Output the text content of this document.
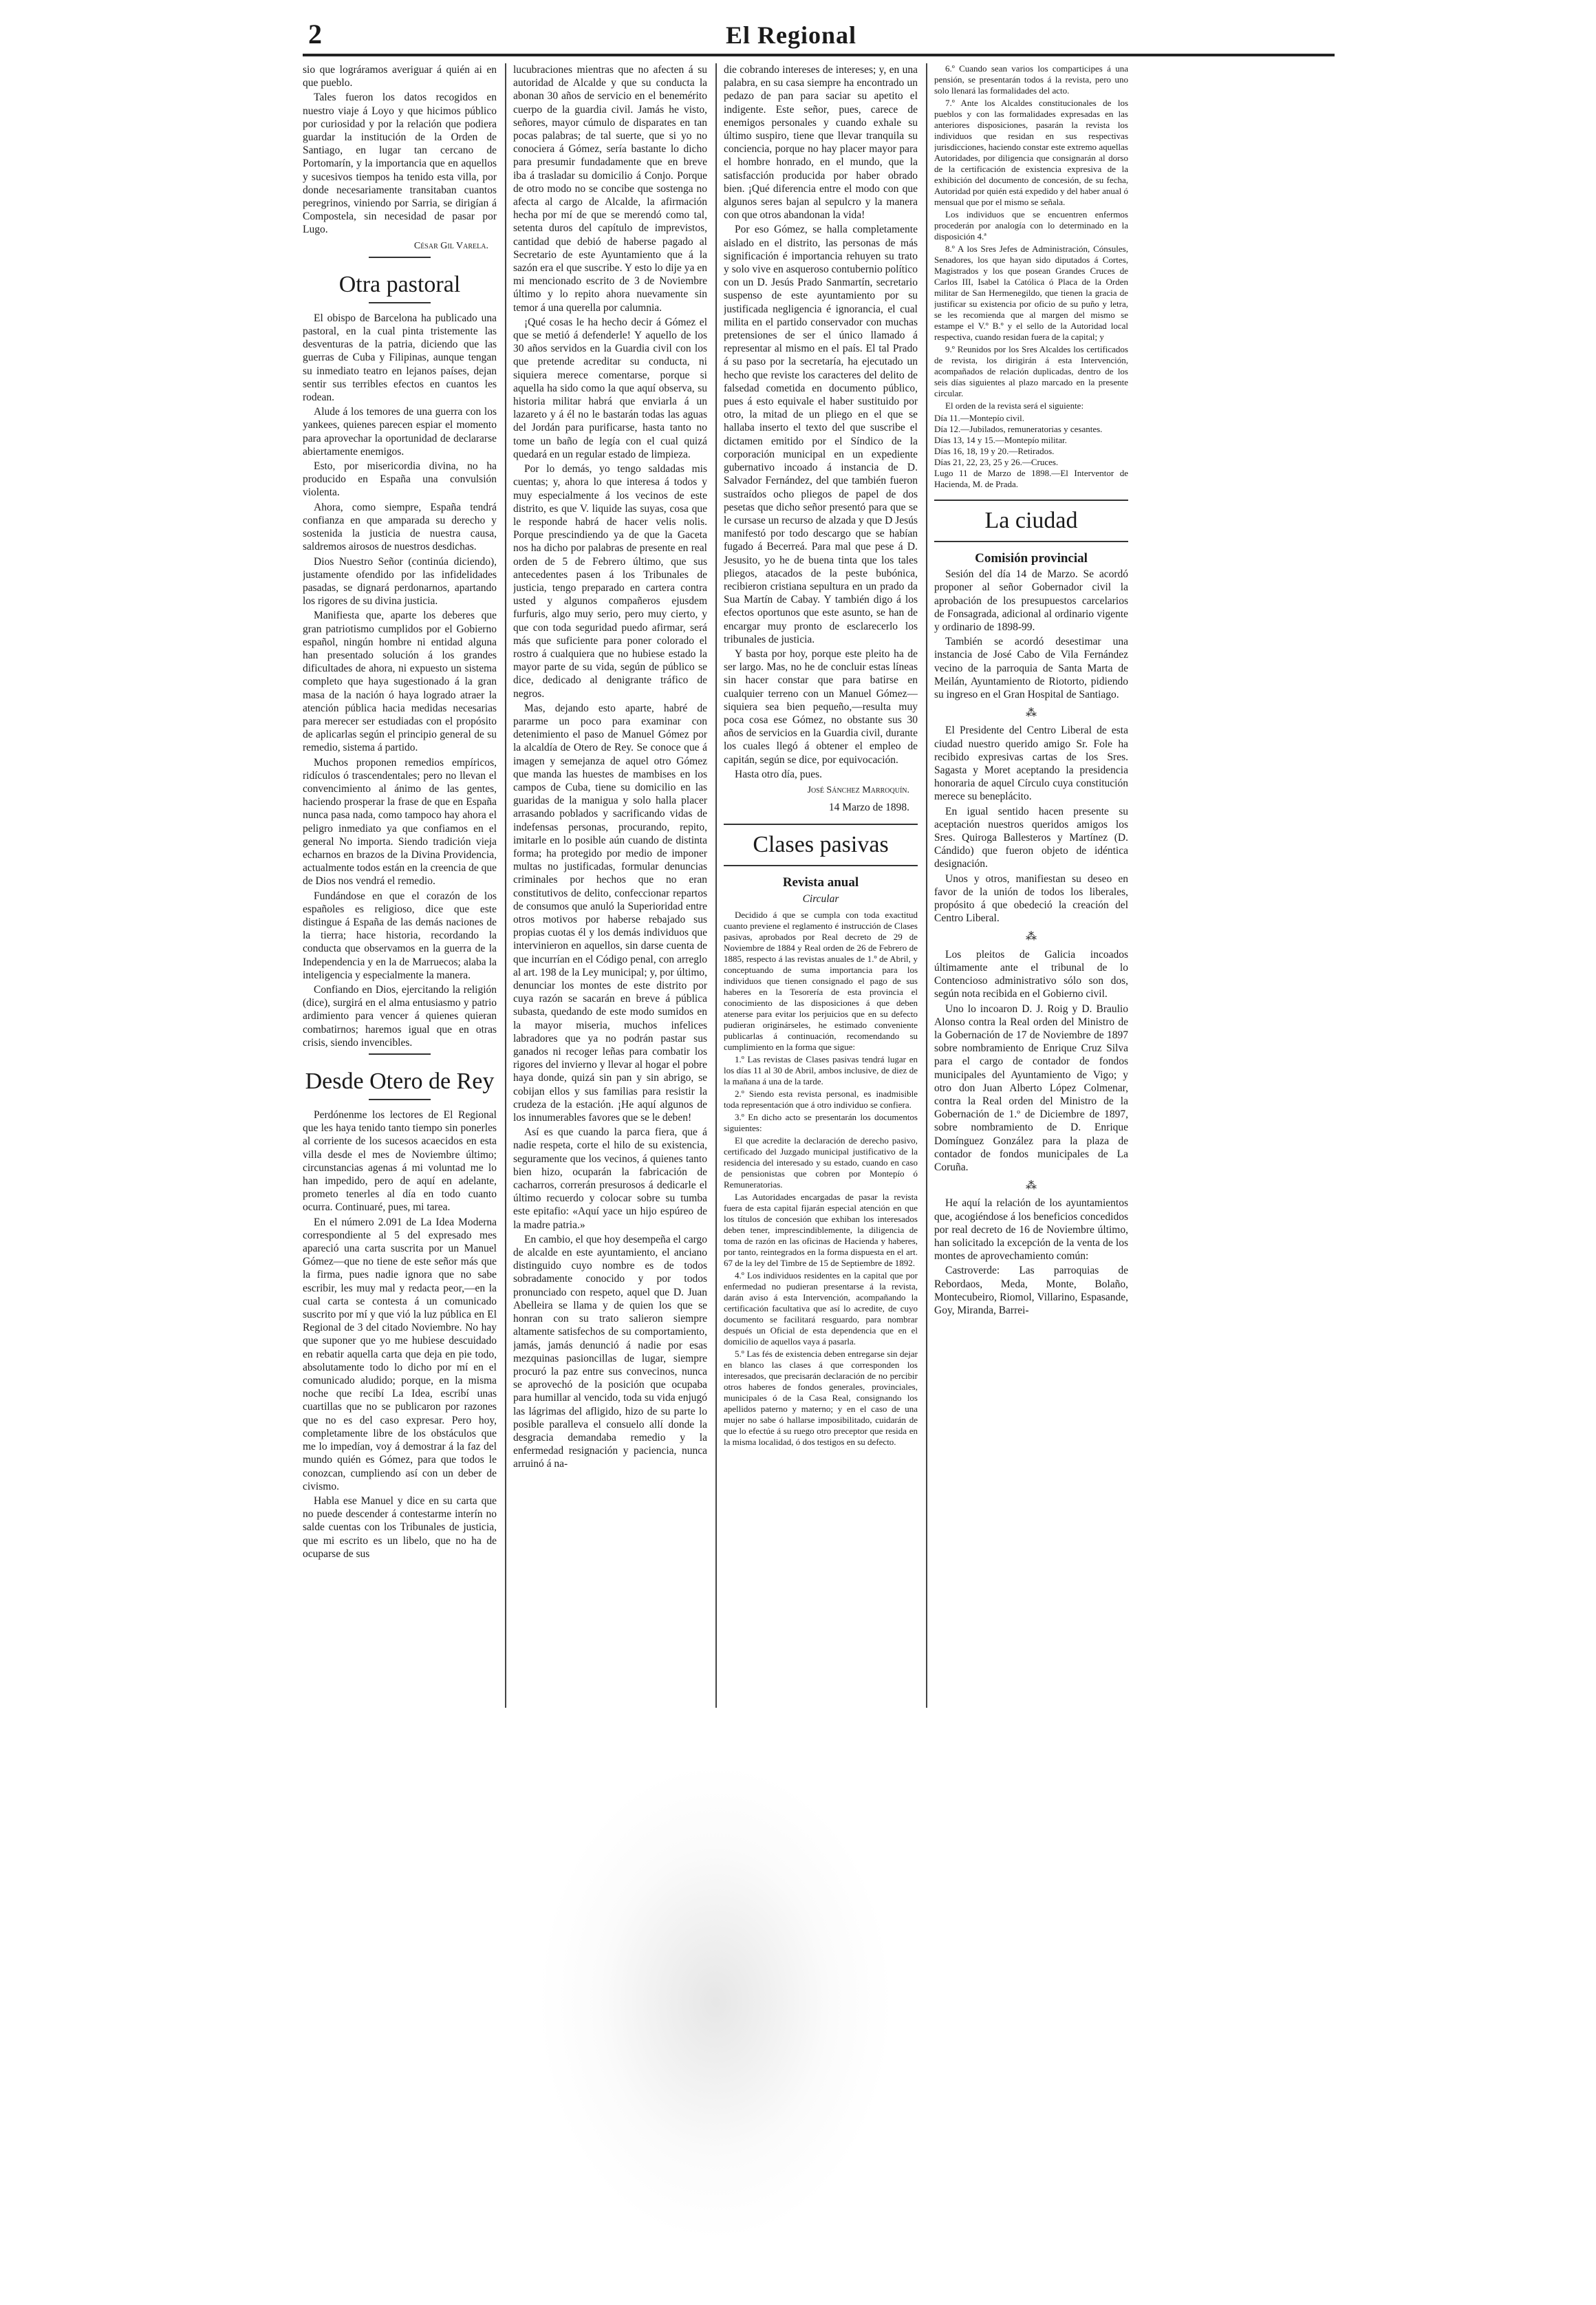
2	El Regional

sio que lográramos averiguar á quién ai en que pueblo.

Tales fueron los datos recogidos en nuestro viaje á Loyo y que hicimos público por curiosidad y por la relación que podiera guardar la institución de la Orden de Santiago, en lugar tan cercano de Portomarín, y la importancia que en aquellos y sucesivos tiempos ha tenido esta villa, por donde necesariamente transitaban cuantos peregrinos, viniendo por Sarria, se dirigían á Compostela, sin necesidad de pasar por Lugo.

César Gil Varela.
Otra pastoral

El obispo de Barcelona ha publicado una pastoral, en la cual pinta tristemente las desventuras de la patria, diciendo que las guerras de Cuba y Filipinas, aunque tengan su inmediato teatro en lejanos países, dejan sentir sus terribles efectos en cuantos les rodean.

Alude á los temores de una guerra con los yankees, quienes parecen espiar el momento para aprovechar la oportunidad de declararse abiertamente enemigos.

Esto, por misericordia divina, no ha producido en España una convulsión violenta.

Ahora, como siempre, España tendrá confianza en que amparada su derecho y sostenida la justicia de nuestra causa, saldremos airosos de nuestros desdichas.

Dios Nuestro Señor (continúa diciendo), justamente ofendido por las infidelidades pasadas, se dignará perdonarnos, apartando los rigores de su divina justicia.

Manifiesta que, aparte los deberes que gran patriotismo cumplidos por el Gobierno español, ningún hombre ni entidad alguna han presentado solución á los grandes dificultades de ahora, ni expuesto un sistema completo que haya sugestionado á la gran masa de la nación ó haya logrado atraer la atención pública hacia medidas necesarias para merecer ser estudiadas con el propósito de aplicarlas según el principio general de su remedio, sistema á partido.

Muchos proponen remedios empíricos, ridículos ó trascendentales; pero no llevan el convencimiento al ánimo de las gentes, haciendo prosperar la frase de que en España nunca pasa nada, como tampoco hay ahora el peligro inmediato ya que confiamos en el general No importa. Siendo tradición vieja echarnos en brazos de la Divina Providencia, actualmente todos están en la creencia de que de Dios nos vendrá el remedio.

Fundándose en que el corazón de los españoles es religioso, dice que este distingue á España de las demás naciones de la tierra; hace historia, recordando la conducta que observamos en la guerra de la Independencia y en la de Marruecos; alaba la inteligencia y especialmente la manera.

Confiando en Dios, ejercitando la religión (dice), surgirá en el alma entusiasmo y patrio ardimiento para vencer á quienes quieran combatirnos; haremos igual que en otras crisis, siendo invencibles.

Desde Otero de Rey

Perdónenme los lectores de El Regional que les haya tenido tanto tiempo sin ponerles al corriente de los sucesos acaecidos en esta villa desde el mes de Noviembre último; circunstancias agenas á mi voluntad me lo han impedido, pero de aquí en adelante, prometo tenerles al día en todo cuanto ocurra. Continuaré, pues, mi tarea.

En el número 2.091 de La Idea Moderna correspondiente al 5 del expresado mes apareció una carta suscrita por un Manuel Gómez—que no tiene de este señor más que la firma, pues nadie ignora que no sabe escribir, les muy mal y redacta peor,—en la cual carta se contesta á un comunicado suscrito por mí y que vió la luz pública en El Regional de 3 del citado Noviembre. No hay que suponer que yo me hubiese descuidado en rebatir aquella carta que deja en pie todo, absolutamente todo lo dicho por mí en el comunicado aludido; porque, en la misma noche que recibí La Idea, escribí unas cuartillas que no se publicaron por razones que no es del caso expresar. Pero hoy, completamente libre de los obstáculos que me lo impedían, voy á demostrar á la faz del mundo quién es Gómez, para que todos le conozcan, cumpliendo así con un deber de civismo.

Habla ese Manuel y dice en su carta que no puede descender á contestarme interín no salde cuentas con los Tribunales de justicia, que mi escrito es un libelo, que no ha de ocuparse de sus

lucubraciones mientras que no afecten á su autoridad de Alcalde y que su conducta la abonan 30 años de servicio en el benemérito cuerpo de la guardia civil. Jamás he visto, señores, mayor cúmulo de disparates en tan pocas palabras; de tal suerte, que si yo no conociera á Gómez, sería bastante lo dicho para presumir fundadamente que en breve iba á trasladar su domicilio á Conjo. Porque de otro modo no se concibe que sostenga no afecta al cargo de Alcalde, la afirmación hecha por mí de que se merendó como tal, setenta duros del capítulo de imprevistos, cantidad que debió de haberse pagado al Secretario de este Ayuntamiento que á la sazón era el que suscribe. Y esto lo dije ya en mi mencionado escrito de 3 de Noviembre último y lo repito ahora nuevamente sin temor á una querella por calumnia.

¡Qué cosas le ha hecho decir á Gómez el que se metió á defenderle! Y aquello de los 30 años servidos en la Guardia civil con los que pretende acreditar su conducta, ni siquiera merece comentarse, porque si aquella ha sido como la que aquí observa, su historia militar habrá que enviarla á un lazareto y á él no le bastarán todas las aguas del Jordán para purificarse, hasta tanto no tome un baño de legía con el cual quizá quedará en un regular estado de limpieza.

Por lo demás, yo tengo saldadas mis cuentas; y, ahora lo que interesa á todos y muy especialmente á los vecinos de este distrito, es que V. liquide las suyas, cosa que le responde habrá de hacer velis nolis. Porque prescindiendo ya de que la Gaceta nos ha dicho por palabras de presente en real orden de 5 de Febrero último, que sus antecedentes pasen á los Tribunales de justicia, tengo preparado en cartera contra usted y algunos compañeros ejusdem furfuris, algo muy serio, pero muy cierto, y que con toda seguridad puedo afirmar, será más que suficiente para poner colorado el rostro á cualquiera que no hubiese estado la mayor parte de su vida, según de público se dice, dedicado al denigrante tráfico de negros.

Mas, dejando esto aparte, habré de pararme un poco para examinar con detenimiento el paso de Manuel Gómez por la alcaldía de Otero de Rey. Se conoce que á imagen y semejanza de aquel otro Gómez que manda las huestes de mambises en los campos de Cuba, tiene su domicilio en las guaridas de la manigua y solo halla placer arrasando poblados y sacrificando vidas de indefensas personas, procurando, repito, imitarle en lo posible aún cuando de distinta forma; ha protegido por medio de imponer multas no justificadas, formular denuncias criminales por hechos que no eran constitutivos de delito, confeccionar repartos de consumos que anuló la Superioridad entre otros motivos por haberse rebajado sus propias cuotas él y los demás individuos que intervinieron en aquellos, sin darse cuenta de que incurrían en el Código penal, con arreglo al art. 198 de la Ley municipal; y, por último, denunciar los montes de este distrito por cuya razón se sacarán en breve á pública subasta, quedando de este modo sumidos en la mayor miseria, muchos infelices labradores que ya no podrán pastar sus ganados ni recoger leñas para combatir los rigores del invierno y llevar al hogar el pobre haya donde, quizá sin pan y sin abrigo, se cobijan ellos y sus familias para resistir la crudeza de la estación. ¡He aquí algunos de los innumerables favores que se le deben!

Así es que cuando la parca fiera, que á nadie respeta, corte el hilo de su existencia, seguramente que los vecinos, á quienes tanto bien hizo, ocuparán la fabricación de cacharros, correrán presurosos á dedicarle el último recuerdo y colocar sobre su tumba este epitafio: «Aquí yace un hijo espúreo de la madre patria.»

En cambio, el que hoy desempeña el cargo de alcalde en este ayuntamiento, el anciano distinguido cuyo nombre es de todos sobradamente conocido y por todos pronunciado con respeto, aquel que D. Juan Abelleira se llama y de quien los que se honran con su trato salieron siempre altamente satisfechos de su comportamiento, jamás, jamás denunció á nadie por esas mezquinas pasioncillas de lugar, siempre procuró la paz entre sus convecinos, nunca se aprovechó de la posición que ocupaba para humillar al vencido, toda su vida enjugó las lágrimas del afligido, hizo de su parte lo posible paralleva el consuelo allí donde la desgracia demandaba remedio y la enfermedad resignación y paciencia, nunca arruinó á na-

die cobrando intereses de intereses; y, en una palabra, en su casa siempre ha encontrado un pedazo de pan para saciar su apetito el indigente. Este señor, pues, carece de enemigos personales y cuando exhale su último suspiro, tiene que llevar tranquila su conciencia, porque no hay placer mayor para el hombre honrado, en el mundo, que la satisfacción producida por haber obrado bien. ¡Qué diferencia entre el modo con que algunos seres bajan al sepulcro y la manera con que otros abandonan la vida!

Por eso Gómez, se halla completamente aislado en el distrito, las personas de más significación é importancia rehuyen su trato y solo vive en asqueroso contubernio político con un D. Jesús Prado Sanmartín, secretario suspenso de este ayuntamiento por su justificada negligencia é ignorancia, el cual milita en el partido conservador con muchas pretensiones de ser el único llamado á representar al mismo en el país. El tal Prado á su paso por la secretaría, ha ejecutado un hecho que reviste los caracteres del delito de falsedad cometida en documento público, pues á esto equivale el haber sustituido por otro, la mitad de un pliego en el que se hallaba inserto el texto del que suscribe el dictamen emitido por el Síndico de la corporación municipal en un expediente gubernativo incoado á instancia de D. Salvador Fernández, del que también fueron sustraídos ocho pliegos de papel de dos pesetas que dicho señor presentó para que se le cursase un recurso de alzada y que D Jesús manifestó por todo descargo que se habían fugado á Becerreá. Para mal que pese á D. Jesusito, yo he de buena tinta que los tales pliegos, atacados de la peste bubónica, recibieron cristiana sepultura en un prado da Sua Martín de Cabay. Y también digo á los efectos oportunos que este asunto, se han de encargar muy pronto de esclarecerlo los tribunales de justicia.

Y basta por hoy, porque este pleito ha de ser largo. Mas, no he de concluir estas líneas sin hacer constar que para batirse en cualquier terreno con un Manuel Gómez—siquiera sea bien pequeño,—resulta muy poca cosa ese Gómez, no obstante sus 30 años de servicios en la Guardia civil, durante los cuales llegó á obtener el empleo de capitán, según se dice, por equivocación.

Hasta otro día, pues.

José Sánchez Marroquín.
14 Marzo de 1898.
Clases pasivas
Revista anual
Circular

Decidido á que se cumpla con toda exactitud cuanto previene el reglamento é instrucción de Clases pasivas, aprobados por Real decreto de 29 de Noviembre de 1884 y Real orden de 26 de Febrero de 1885, respecto á las revistas anuales de 1.º de Abril, y conceptuando de suma importancia para los individuos que tienen consignado el pago de sus haberes en la Tesorería de esta provincia el conocimiento de las disposiciones á que deben atenerse para evitar los perjuicios que en su defecto pudieran originárseles, he estimado conveniente publicarlas á continuación, recomendando su cumplimiento en la forma que sigue:

1.º Las revistas de Clases pasivas tendrá lugar en los días 11 al 30 de Abril, ambos inclusive, de diez de la mañana á una de la tarde.

2.º Siendo esta revista personal, es inadmisible toda representación que á otro individuo se confiera.

3.º En dicho acto se presentarán los documentos siguientes:

El que acredite la declaración de derecho pasivo, certificado del Juzgado municipal justificativo de la residencia del interesado y su estado, cuando en caso de pensionistas que cobren por Montepío ó Remuneratorias.

Las Autoridades encargadas de pasar la revista fuera de esta capital fijarán especial atención en que los títulos de concesión que exhiban los interesados deben tener, imprescindiblemente, la diligencia de toma de razón en las oficinas de Hacienda y haberes, por tanto, reintegrados en la forma dispuesta en el art. 67 de la ley del Timbre de 15 de Septiembre de 1892.

4.º Los individuos residentes en la capital que por enfermedad no pudieran presentarse á la revista, darán aviso á esta Intervención, acompañando la certificación facultativa que así lo acredite, de cuyo documento se facilitará resguardo, para nombrar después un Oficial de esta dependencia que en el domicilio de aquellos vaya á pasarla.

5.º Las fés de existencia deben entregarse sin dejar en blanco las clases á que corresponden los interesados, que precisarán declaración de no percibir otros haberes de fondos generales, provinciales, municipales ó de la Casa Real, consignando los apellidos paterno y materno; y en el caso de una mujer no sabe ó hallarse imposibilitado, cuidarán de que lo efectúe á su ruego otro preceptor que resida en la misma localidad, ó dos testigos en su defecto.

6.º Cuando sean varios los comparticipes á una pensión, se presentarán todos á la revista, pero uno solo llenará las formalidades del acto.

7.º Ante los Alcaldes constitucionales de los pueblos y con las formalidades expresadas en las anteriores disposiciones, pasarán la revista los individuos que residan en sus respectivas jurisdicciones, haciendo constar este extremo aquellas Autoridades, por diligencia que consignarán al dorso de la certificación de existencia expresiva de la exhibición del documento de concesión, de su fecha, Autoridad por quién está expedido y del haber anual ó mensual que por el mismo se señala.

Los individuos que se encuentren enfermos procederán por analogía con lo determinado en la disposición 4.ª

8.º A los Sres Jefes de Administración, Cónsules, Senadores, los que hayan sido diputados á Cortes, Magistrados y los que posean Grandes Cruces de Carlos III, Isabel la Católica ó Placa de la Orden militar de San Hermenegildo, que tienen la gracia de justificar su existencia por oficio de su puño y letra, se les recomienda que al margen del mismo se estampe el V.º B.º y el sello de la Autoridad local respectiva, cuando residan fuera de la capital; y

9.º Reunidos por los Sres Alcaldes los certificados de revista, los dirigirán á esta Intervención, acompañados de relación duplicadas, dentro de los seis días siguientes al plazo marcado en la presente circular.

El orden de la revista será el siguiente:

Día 11.—Montepío civil.
Día 12.—Jubilados, remuneratorias y cesantes.
Días 13, 14 y 15.—Montepío militar.
Días 16, 18, 19 y 20.—Retirados.
Días 21, 22, 23, 25 y 26.—Cruces.
Lugo 11 de Marzo de 1898.—El Interventor de Hacienda, M. de Prada.
La ciudad
Comisión provincial

Sesión del día 14 de Marzo. Se acordó proponer al señor Gobernador civil la aprobación de los presupuestos carcelarios de Fonsagrada, adicional al ordinario vigente y ordinario de 1898-99.

También se acordó desestimar una instancia de José Cabo de Vila Fernández vecino de la parroquia de Santa Marta de Meilán, Ayuntamiento de Riotorto, pidiendo su ingreso en el Gran Hospital de Santiago.

⁂

El Presidente del Centro Liberal de esta ciudad nuestro querido amigo Sr. Fole ha recibido expresivas cartas de los Sres. Sagasta y Moret aceptando la presidencia honoraria de aquel Círculo cuya constitución merece su beneplácito.

En igual sentido hacen presente su aceptación nuestros queridos amigos los Sres. Quiroga Ballesteros y Martínez (D. Cándido) que fueron objeto de idéntica designación.

Unos y otros, manifiestan su deseo en favor de la unión de todos los liberales, propósito á que obedeció la creación del Centro Liberal.

⁂

Los pleitos de Galicia incoados últimamente ante el tribunal de lo Contencioso administrativo sólo son dos, según nota recibida en el Gobierno civil.

Uno lo incoaron D. J. Roig y D. Braulio Alonso contra la Real orden del Ministro de la Gobernación de 17 de Noviembre de 1897 sobre nombramiento de Enrique Cruz Silva para el cargo de contador de fondos municipales del Ayuntamiento de Vigo; y otro don Juan Alberto López Colmenar, contra la Real orden del Ministro de la Gobernación de 1.º de Diciembre de 1897, sobre nombramiento de D. Enrique Domínguez González para la plaza de contador de fondos municipales de La Coruña.

⁂

He aquí la relación de los ayuntamientos que, acogiéndose á los beneficios concedidos por real decreto de 16 de Noviembre último, han solicitado la excepción de la venta de los montes de aprovechamiento común:

Castroverde: Las parroquias de Rebordaos, Meda, Monte, Bolaño, Montecubeiro, Riomol, Villarino, Espasande, Goy, Miranda, Barrei-
